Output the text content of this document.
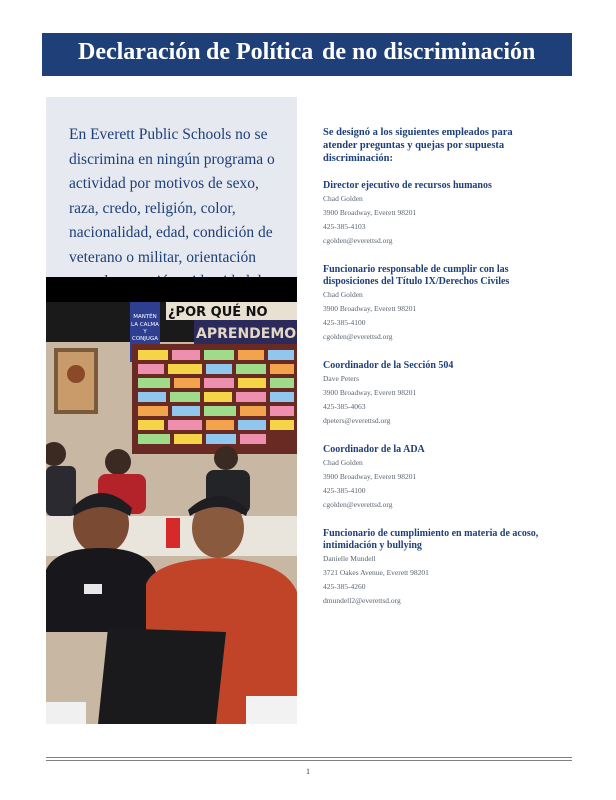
Declaración de Política de no discriminación
En Everett Public Schools no se discrimina en ningún programa o actividad por motivos de sexo, raza, credo, religión, color, nacionalidad, edad, condición de veterano o militar, orientación
¿POR QUÉ NO
APRENDEMO
MANTÉN
LA CALMA
Y
CONJUGA

Se designó a los siguientes empleados para atender preguntas y quejas por supuesta discriminación:

Director ejecutivo de recursos humanos

Chad Golden
3900 Broadway, Everett 98201
425-385-4103
cgolden@everettsd.org

Funcionario responsable de cumplir con las disposiciones del Título IX/Derechos Civiles

Chad Golden
3900 Broadway, Everett 98201
425-385-4100
cgolden@everettsd.org

Coordinador de la Sección 504

Dave Peters
3900 Broadway, Everett 98201
425-385-4063
dpeters@everettsd.org

Coordinador de la ADA

Chad Golden
3900 Broadway, Everett 98201
425-385-4100
cgolden@everettsd.org

Funcionario de cumplimiento en materia de acoso, intimidación y bullying

Danielle Mundell
3721 Oakes Avenue, Everett 98201
425-385-4260
dmundell2@everettsd.org
1
